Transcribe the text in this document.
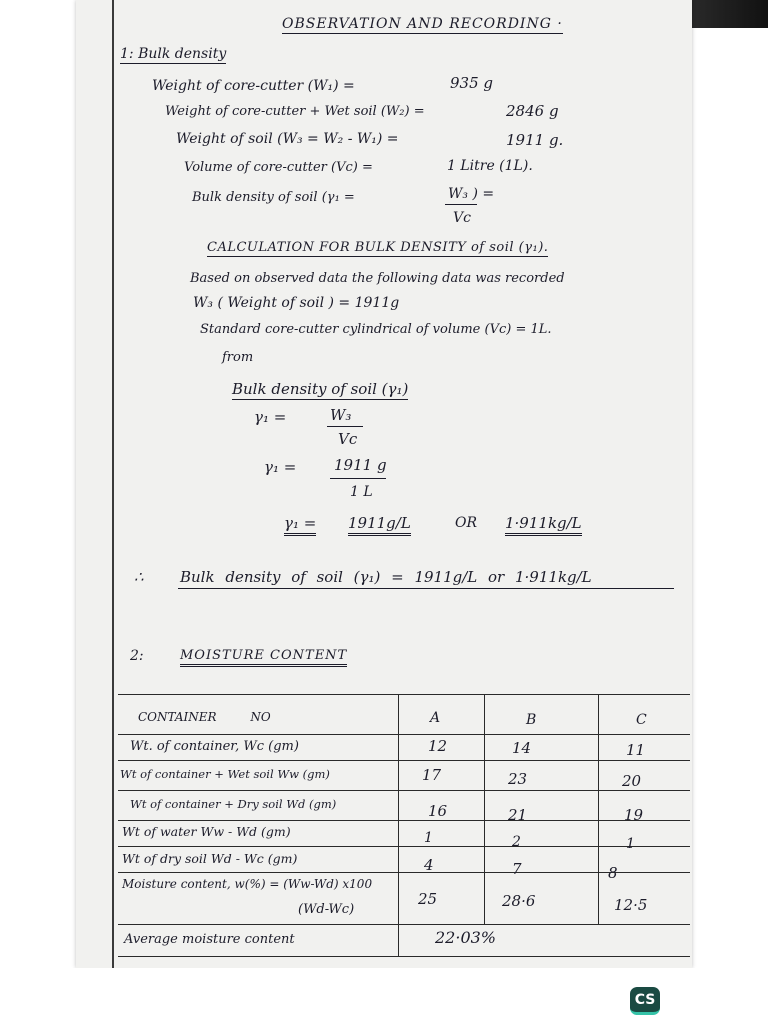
OBSERVATION AND RECORDING ·
1: Bulk density
Weight of core-cutter (W₁) =	935 g
Weight of core-cutter + Wet soil (W₂) =	2846 g
Weight of soil (W₃ = W₂ - W₁) =	1911 g.
Volume of core-cutter (Vc) =	1 Litre (1L).
Bulk density of soil (γ₁ =	W₃ ) =
Vc
CALCULATION FOR BULK DENSITY of soil (γ₁).
Based on observed data the following data was recorded
W₃ ( Weight of soil ) = 1911g
Standard core-cutter cylindrical of volume (Vc) = 1L.
from
Bulk density of soil (γ₁)
γ₁ =	W₃
Vc
γ₁ =	1911 g
1 L
γ₁ = 1911g/L	OR 1·911kg/L
∴ Bulk density of soil (γ₁) = 1911g/L or 1·911kg/L
2:	MOISTURE CONTENT
CONTAINER NO	A	B	C
Wt. of container, Wc (gm)	12	14	11
Wt of container + Wet soil Ww (gm)	17	23	20
Wt of container + Dry soil Wd (gm)	16	21	19
Wt of water Ww - Wd (gm)	1	2	1
Wt of dry soil Wd - Wc (gm)	4	7	8
Moisture content, w(%) = (Ww-Wd) x100
(Wd-Wc)
25	28·6	12·5
Average moisture content	22·03%
CS
